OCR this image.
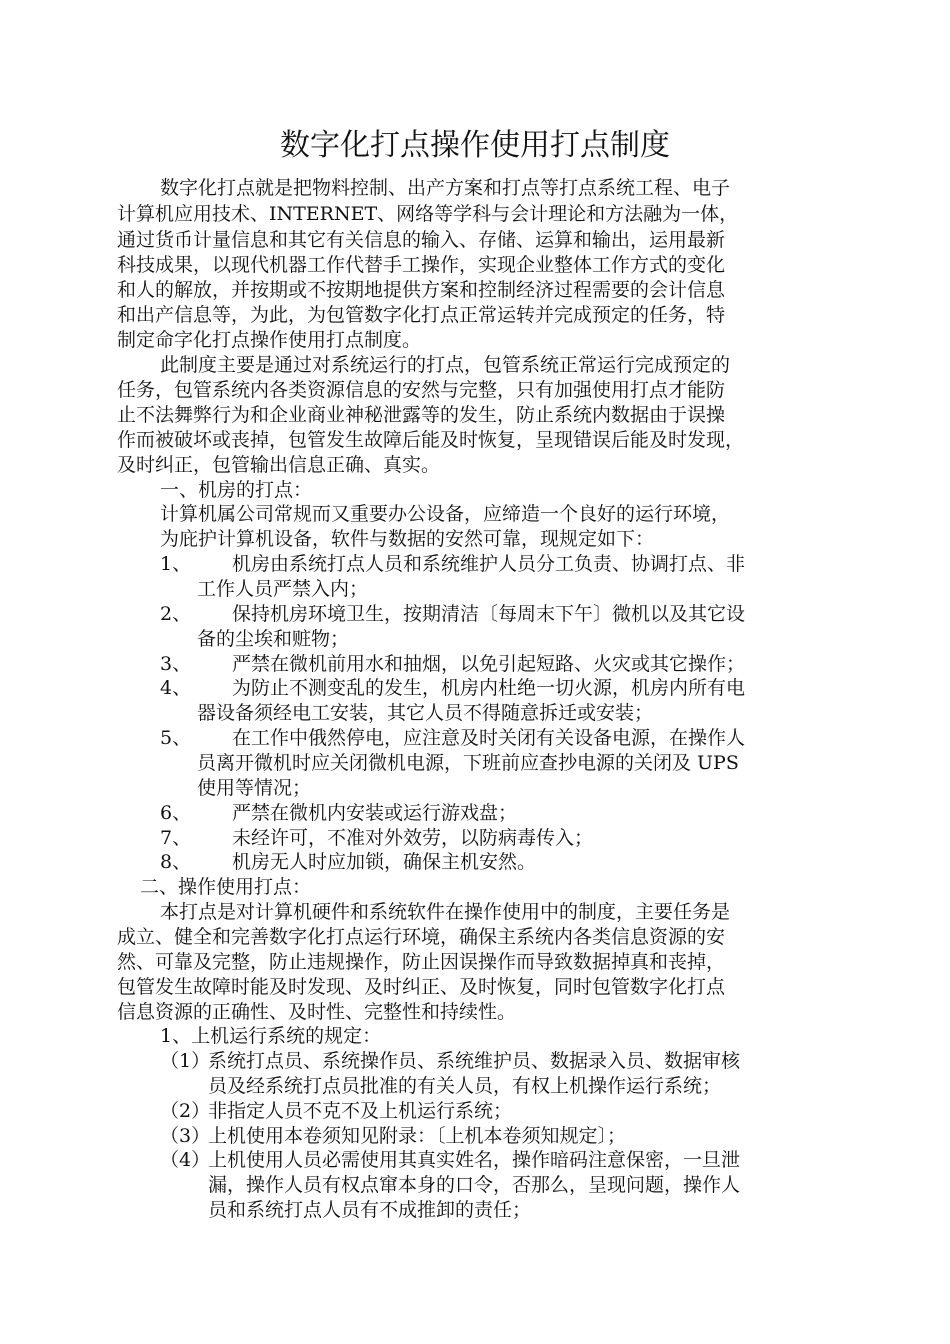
数字化打点操作使用打点制度
数字化打点就是把物料控制、出产方案和打点等打点系统工程、电子
计算机应用技术、INTERNET、网络等学科与会计理论和方法融为一体，
通过货币计量信息和其它有关信息的输入、存储、运算和输出，运用最新
科技成果，以现代机器工作代替手工操作，实现企业整体工作方式的变化
和人的解放，并按期或不按期地提供方案和控制经济过程需要的会计信息
和出产信息等，为此，为包管数字化打点正常运转并完成预定的任务，特
制定命字化打点操作使用打点制度。
此制度主要是通过对系统运行的打点，包管系统正常运行完成预定的
任务，包管系统内各类资源信息的安然与完整，只有加强使用打点才能防
止不法舞弊行为和企业商业神秘泄露等的发生，防止系统内数据由于误操
作而被破坏或丧掉，包管发生故障后能及时恢复，呈现错误后能及时发现，
及时纠正，包管输出信息正确、真实。
一、机房的打点：
计算机属公司常规而又重要办公设备，应缔造一个良好的运行环境，
为庇护计算机设备，软件与数据的安然可靠，现规定如下：
1、 机房由系统打点人员和系统维护人员分工负责、协调打点、非
工作人员严禁入内；
2、 保持机房环境卫生，按期清洁〔每周末下午〕微机以及其它设
备的尘埃和赃物；
3、 严禁在微机前用水和抽烟，以免引起短路、火灾或其它操作；
4、 为防止不测变乱的发生，机房内杜绝一切火源，机房内所有电
器设备须经电工安装，其它人员不得随意拆迁或安装；
5、 在工作中俄然停电，应注意及时关闭有关设备电源，在操作人
员离开微机时应关闭微机电源，下班前应查抄电源的关闭及 UPS
使用等情况；
6、 严禁在微机内安装或运行游戏盘；
7、 未经许可，不准对外效劳，以防病毒传入；
8、 机房无人时应加锁，确保主机安然。
二、操作使用打点：
本打点是对计算机硬件和系统软件在操作使用中的制度，主要任务是
成立、健全和完善数字化打点运行环境，确保主系统内各类信息资源的安
然、可靠及完整，防止违规操作，防止因误操作而导致数据掉真和丧掉，
包管发生故障时能及时发现、及时纠正、及时恢复，同时包管数字化打点
信息资源的正确性、及时性、完整性和持续性。
1、上机运行系统的规定：
（1）
系统打点员、系统操作员、系统维护员、数据录入员、数据审核
员及经系统打点员批准的有关人员，有权上机操作运行系统；
（2）
非指定人员不克不及上机运行系统；
（3）
上机使用本卷须知见附录：〔上机本卷须知规定〕；
（4）
上机使用人员必需使用其真实姓名，操作暗码注意保密，一旦泄
漏，操作人员有权点窜本身的口令，否那么，呈现问题，操作人
员和系统打点人员有不成推卸的责任；
